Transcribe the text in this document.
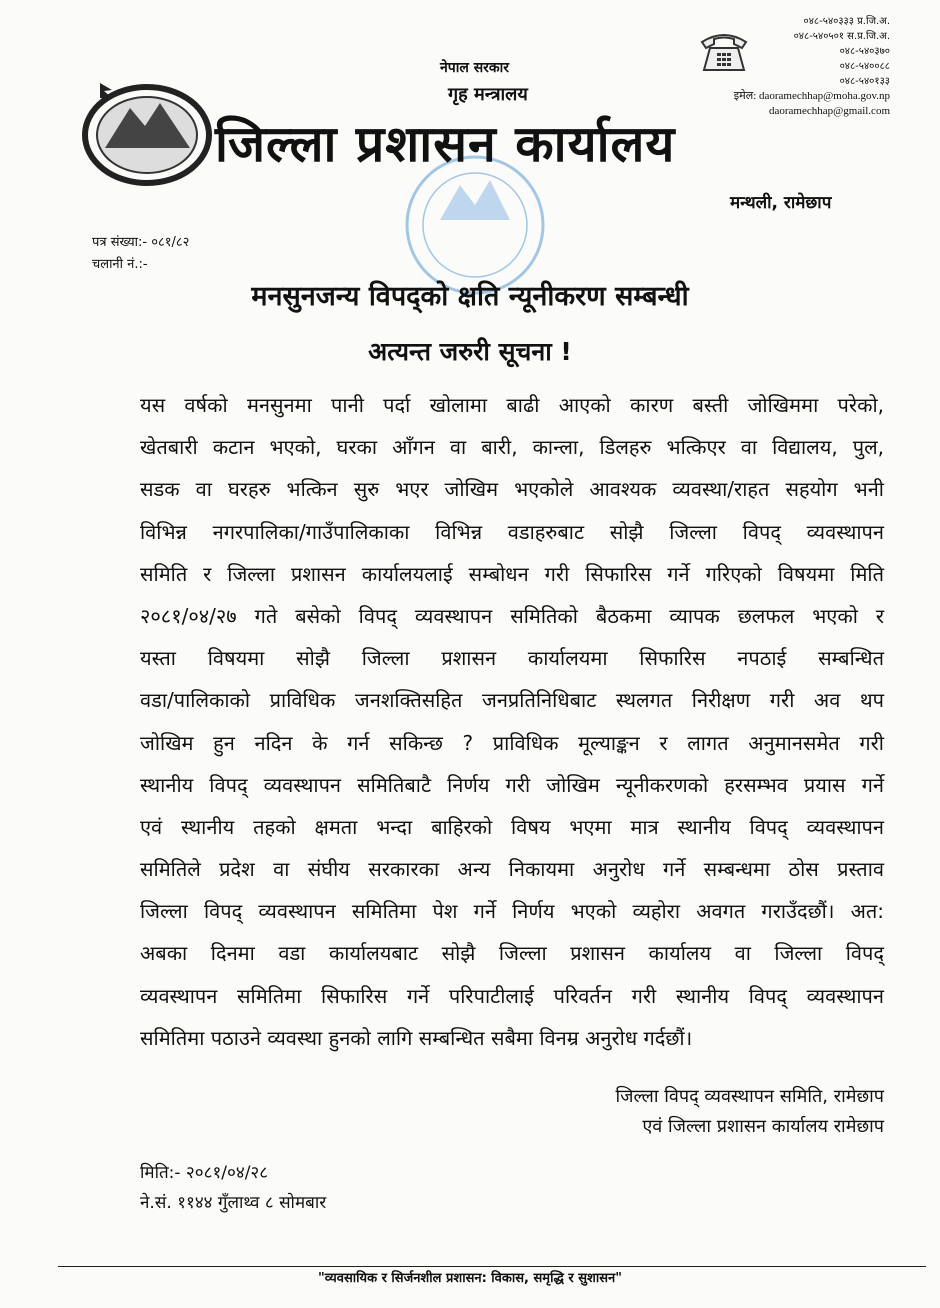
नेपाल सरकार
गृह मन्त्रालय
जिल्ला प्रशासन कार्यालय
मन्थली, रामेछाप
०४८-५४०३३३ प्र.जि.अ.
०४८-५४०५०१ स.प्र.जि.अ.
०४८-५४०३७०
०४८-५४००८८
०४८-५४०१३३
इमेल: daoramechhap@moha.gov.np
daoramechhap@gmail.com
पत्र संख्या:- ०८१/८२
चलानी नं.:-
मनसुनजन्य विपद्को क्षति न्यूनीकरण सम्बन्धी
अत्यन्त जरुरी सूचना !
यस वर्षको मनसुनमा पानी पर्दा खोलामा बाढी आएको कारण बस्ती जोखिममा परेको,
खेतबारी कटान भएको, घरका आँगन वा बारी, कान्ला, डिलहरु भत्किएर वा विद्यालय, पुल,
सडक वा घरहरु भत्किन सुरु भएर जोखिम भएकोले आवश्यक व्यवस्था/राहत सहयोग भनी
विभिन्न नगरपालिका/गाउँपालिकाका विभिन्न वडाहरुबाट सोझै जिल्ला विपद् व्यवस्थापन
समिति र जिल्ला प्रशासन कार्यालयलाई सम्बोधन गरी सिफारिस गर्ने गरिएको विषयमा मिति
२०८१/०४/२७ गते बसेको विपद् व्यवस्थापन समितिको बैठकमा व्यापक छलफल भएको र
यस्ता विषयमा सोझै जिल्ला प्रशासन कार्यालयमा सिफारिस नपठाई सम्बन्धित
वडा/पालिकाको प्राविधिक जनशक्तिसहित जनप्रतिनिधिबाट स्थलगत निरीक्षण गरी अव थप
जोखिम हुन नदिन के गर्न सकिन्छ ? प्राविधिक मूल्याङ्कन र लागत अनुमानसमेत गरी
स्थानीय विपद् व्यवस्थापन समितिबाटै निर्णय गरी जोखिम न्यूनीकरणको हरसम्भव प्रयास गर्ने
एवं स्थानीय तहको क्षमता भन्दा बाहिरको विषय भएमा मात्र स्थानीय विपद् व्यवस्थापन
समितिले प्रदेश वा संघीय सरकारका अन्य निकायमा अनुरोध गर्ने सम्बन्धमा ठोस प्रस्ताव
जिल्ला विपद् व्यवस्थापन समितिमा पेश गर्ने निर्णय भएको व्यहोरा अवगत गराउँदछौं। अत:
अबका दिनमा वडा कार्यालयबाट सोझै जिल्ला प्रशासन कार्यालय वा जिल्ला विपद्
व्यवस्थापन समितिमा सिफारिस गर्ने परिपाटीलाई परिवर्तन गरी स्थानीय विपद् व्यवस्थापन
समितिमा पठाउने व्यवस्था हुनको लागि सम्बन्धित सबैमा विनम्र अनुरोध गर्दछौं।
जिल्ला विपद् व्यवस्थापन समिति, रामेछाप
एवं जिल्ला प्रशासन कार्यालय रामेछाप
मिति:- २०८१/०४/२८
ने.सं. ११४४ गुँलाथ्व ८ सोमबार
"व्यवसायिक र सिर्जनशील प्रशासन: विकास, समृद्धि र सुशासन"
